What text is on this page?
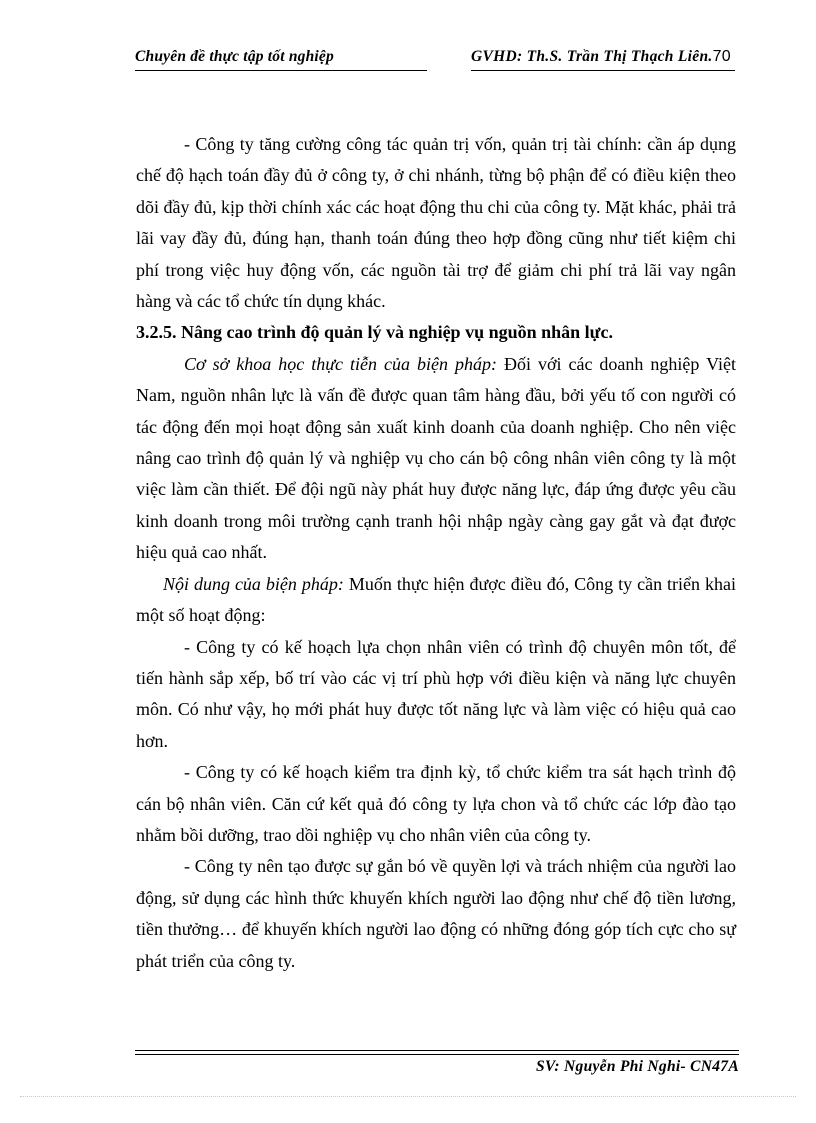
Chuyên đề thực tập tốt nghiệp	GVHD: Th.S. Trần Thị Thạch Liên.70

- Công ty tăng cường công tác quản trị vốn, quản trị tài chính: cần áp dụng chế độ hạch toán đầy đủ ở công ty, ở chi nhánh, từng bộ phận để có điều kiện theo dõi đầy đủ, kịp thời chính xác các hoạt động thu chi của công ty. Mặt khác, phải trả lãi vay đầy đủ, đúng hạn, thanh toán đúng theo hợp đồng cũng như tiết kiệm chi phí trong việc huy động vốn, các nguồn tài trợ để giảm chi phí trả lãi vay ngân hàng và các tổ chức tín dụng khác.

3.2.5. Nâng cao trình độ quản lý và nghiệp vụ nguồn nhân lực.

Cơ sở khoa học thực tiễn của biện pháp: Đối với các doanh nghiệp Việt Nam, nguồn nhân lực là vấn đề được quan tâm hàng đầu, bởi yếu tố con người có tác động đến mọi hoạt động sản xuất kinh doanh của doanh nghiệp. Cho nên việc nâng cao trình độ quản lý và nghiệp vụ cho cán bộ công nhân viên công ty là một việc làm cần thiết. Để đội ngũ này phát huy được năng lực, đáp ứng được yêu cầu kinh doanh trong môi trường cạnh tranh hội nhập ngày càng gay gắt và đạt được hiệu quả cao nhất.

Nội dung của biện pháp: Muốn thực hiện được điều đó, Công ty cần triển khai một số hoạt động:

- Công ty có kế hoạch lựa chọn nhân viên có trình độ chuyên môn tốt, để tiến hành sắp xếp, bố trí vào các vị trí phù hợp với điều kiện và năng lực chuyên môn. Có như vậy, họ mới phát huy được tốt năng lực và làm việc có hiệu quả cao hơn.

- Công ty có kế hoạch kiểm tra định kỳ, tổ chức kiểm tra sát hạch trình độ cán bộ nhân viên. Căn cứ kết quả đó công ty lựa chon và tổ chức các lớp đào tạo nhằm bồi dưỡng, trao dồi nghiệp vụ cho nhân viên của công ty.

- Công ty nên tạo được sự gắn bó về quyền lợi và trách nhiệm của người lao động, sử dụng các hình thức khuyến khích người lao động như chế độ tiền lương, tiền thưởng… để khuyến khích người lao động có những đóng góp tích cực cho sự phát triển của công ty.

SV: Nguyễn Phi Nghi- CN47A
